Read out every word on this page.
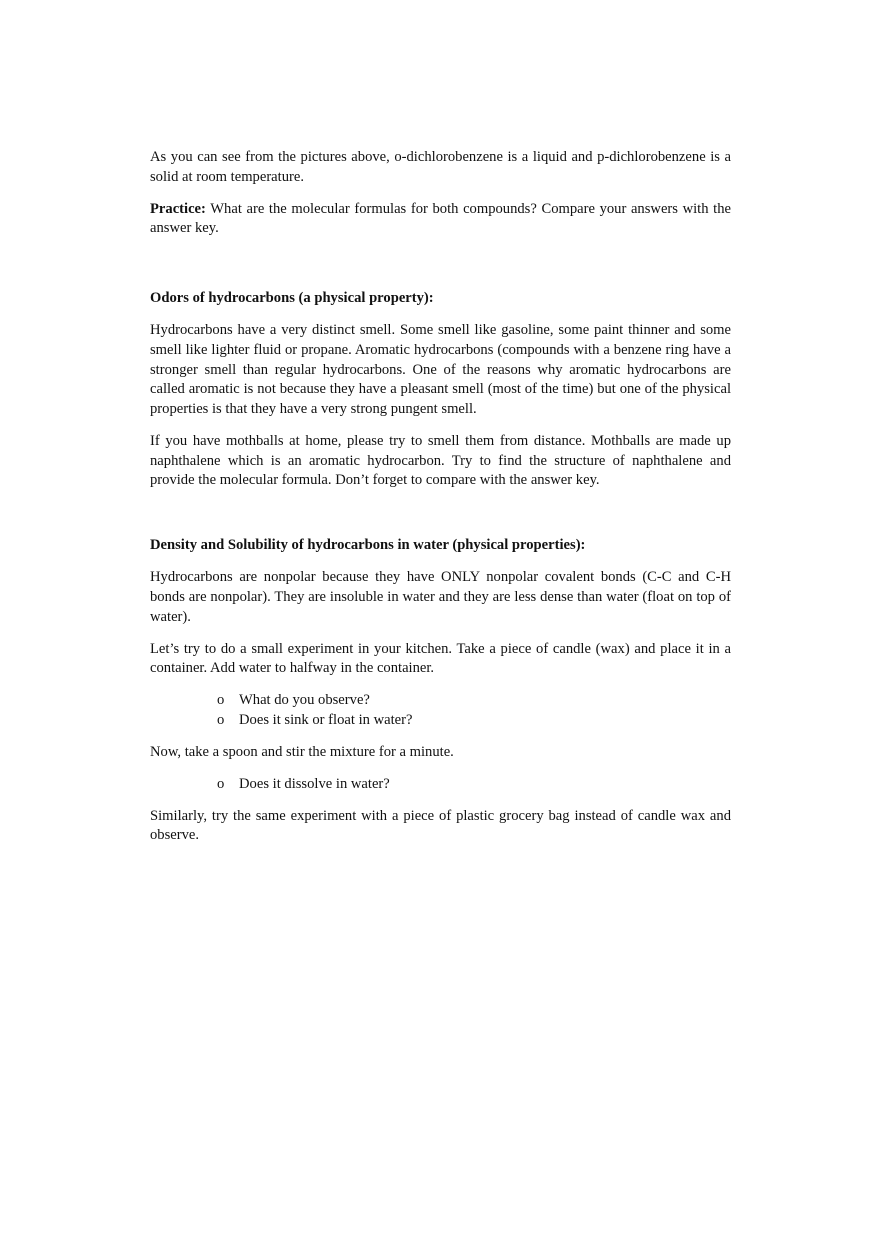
As you can see from the pictures above, o-dichlorobenzene is a liquid and p-dichlorobenzene is a solid at room temperature.

Practice: What are the molecular formulas for both compounds? Compare your answers with the answer key.

Odors of hydrocarbons (a physical property):

Hydrocarbons have a very distinct smell. Some smell like gasoline, some paint thinner and some smell like lighter fluid or propane. Aromatic hydrocarbons (compounds with a benzene ring have a stronger smell than regular hydrocarbons. One of the reasons why aromatic hydrocarbons are called aromatic is not because they have a pleasant smell (most of the time) but one of the physical properties is that they have a very strong pungent smell.

If you have mothballs at home, please try to smell them from distance. Mothballs are made up naphthalene which is an aromatic hydrocarbon. Try to find the structure of naphthalene and provide the molecular formula. Don’t forget to compare with the answer key.

Density and Solubility of hydrocarbons in water (physical properties):

Hydrocarbons are nonpolar because they have ONLY nonpolar covalent bonds (C-C and C-H bonds are nonpolar). They are insoluble in water and they are less dense than water (float on top of water).

Let’s try to do a small experiment in your kitchen. Take a piece of candle (wax) and place it in a container. Add water to halfway in the container.

o What do you observe?
o Does it sink or float in water?

Now, take a spoon and stir the mixture for a minute.

o Does it dissolve in water?

Similarly, try the same experiment with a piece of plastic grocery bag instead of candle wax and observe.
